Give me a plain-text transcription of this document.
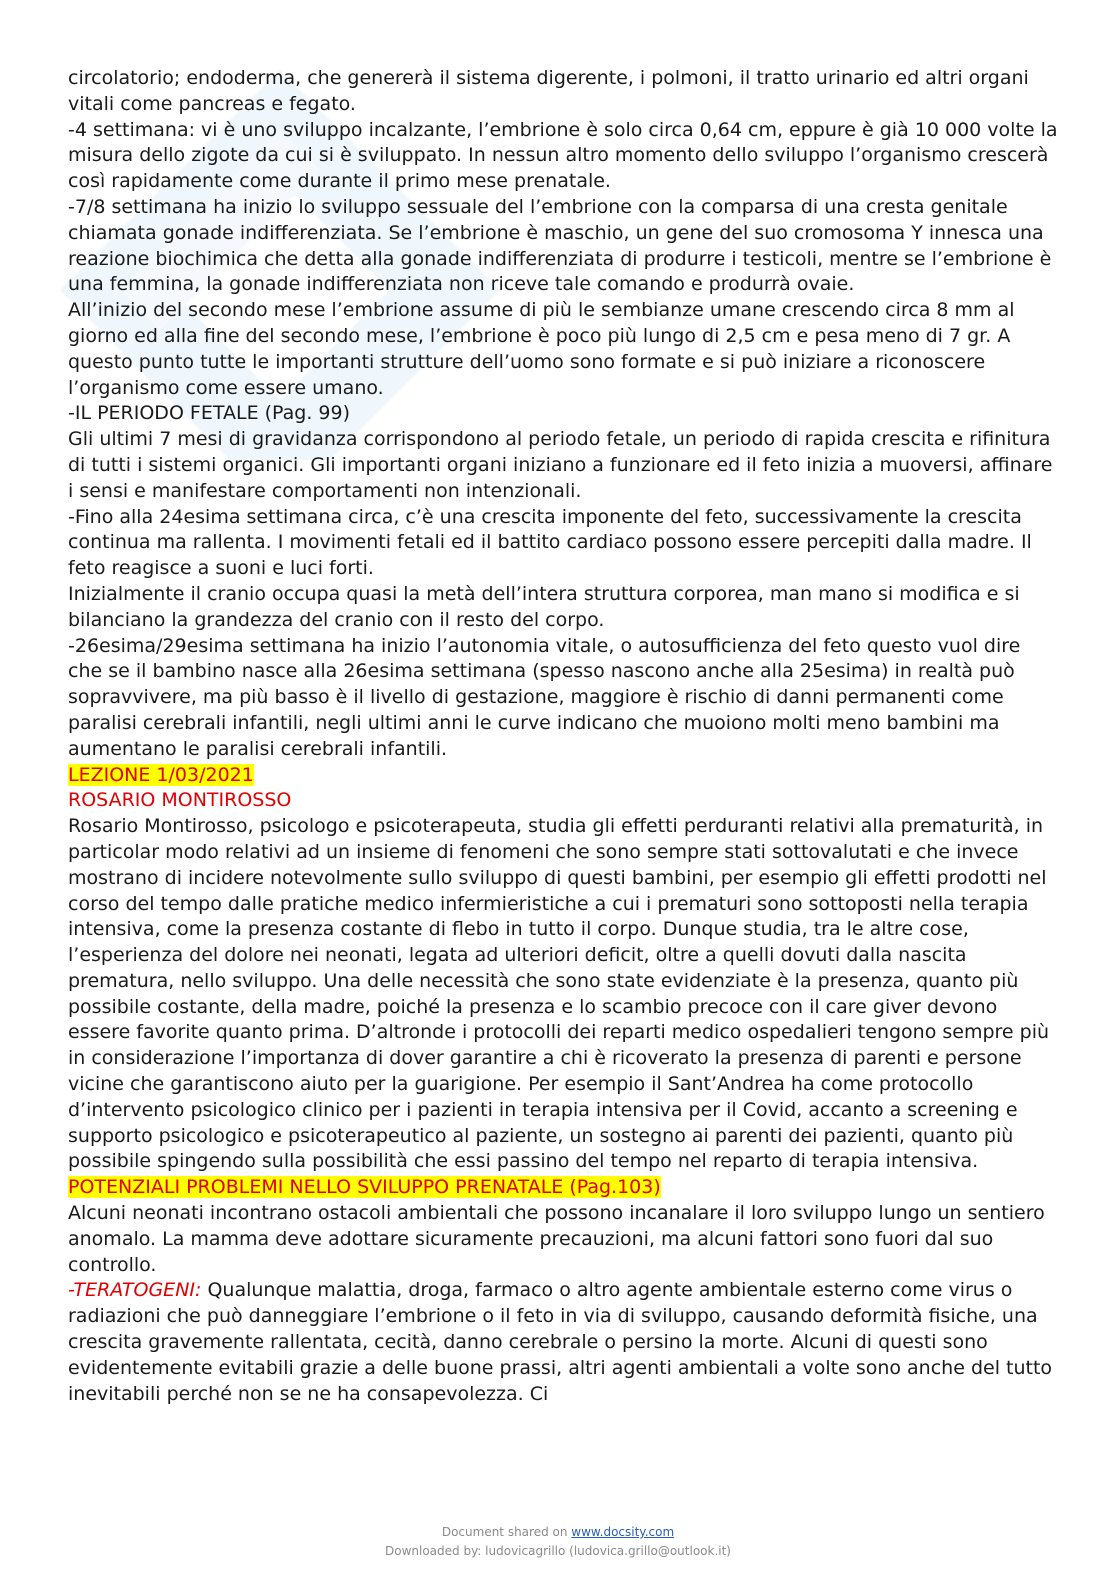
circolatorio; endoderma, che genererà il sistema digerente, i polmoni, il tratto urinario ed altri organi vitali come pancreas e fegato.

-4 settimana: vi è uno sviluppo incalzante, l’embrione è solo circa 0,64 cm, eppure è già 10 000 volte la misura dello zigote da cui si è sviluppato. In nessun altro momento dello sviluppo l’organismo crescerà così rapidamente come durante il primo mese prenatale.

-7/8 settimana ha inizio lo sviluppo sessuale del l’embrione con la comparsa di una cresta genitale chiamata gonade indifferenziata. Se l’embrione è maschio, un gene del suo cromosoma Y innesca una reazione biochimica che detta alla gonade indifferenziata di produrre i testicoli, mentre se l’embrione è una femmina, la gonade indifferenziata non riceve tale comando e produrrà ovaie.

All’inizio del secondo mese l’embrione assume di più le sembianze umane crescendo circa 8 mm al giorno ed alla fine del secondo mese, l’embrione è poco più lungo di 2,5 cm e pesa meno di 7 gr. A questo punto tutte le importanti strutture dell’uomo sono formate e si può iniziare a riconoscere l’organismo come essere umano.

-IL PERIODO FETALE (Pag. 99)

Gli ultimi 7 mesi di gravidanza corrispondono al periodo fetale, un periodo di rapida crescita e rifinitura di tutti i sistemi organici. Gli importanti organi iniziano a funzionare ed il feto inizia a muoversi, affinare i sensi e manifestare comportamenti non intenzionali.

-Fino alla 24esima settimana circa, c’è una crescita imponente del feto, successivamente la crescita continua ma rallenta. I movimenti fetali ed il battito cardiaco possono essere percepiti dalla madre. Il feto reagisce a suoni e luci forti.

Inizialmente il cranio occupa quasi la metà dell’intera struttura corporea, man mano si modifica e si bilanciano la grandezza del cranio con il resto del corpo.

-26esima/29esima settimana ha inizio l’autonomia vitale, o autosufficienza del feto questo vuol dire che se il bambino nasce alla 26esima settimana (spesso nascono anche alla 25esima) in realtà può sopravvivere, ma più basso è il livello di gestazione, maggiore è rischio di danni permanenti come paralisi cerebrali infantili, negli ultimi anni le curve indicano che muoiono molti meno bambini ma aumentano le paralisi cerebrali infantili.

LEZIONE 1/03/2021

ROSARIO MONTIROSSO

Rosario Montirosso, psicologo e psicoterapeuta, studia gli effetti perduranti relativi alla prematurità, in particolar modo relativi ad un insieme di fenomeni che sono sempre stati sottovalutati e che invece mostrano di incidere notevolmente sullo sviluppo di questi bambini, per esempio gli effetti prodotti nel corso del tempo dalle pratiche medico infermieristiche a cui i prematuri sono sottoposti nella terapia intensiva, come la presenza costante di flebo in tutto il corpo. Dunque studia, tra le altre cose, l’esperienza del dolore nei neonati, legata ad ulteriori deficit, oltre a quelli dovuti dalla nascita prematura, nello sviluppo. Una delle necessità che sono state evidenziate è la presenza, quanto più possibile costante, della madre, poiché la presenza e lo scambio precoce con il care giver devono essere favorite quanto prima. D’altronde i protocolli dei reparti medico ospedalieri tengono sempre più in considerazione l’importanza di dover garantire a chi è ricoverato la presenza di parenti e persone vicine che garantiscono aiuto per la guarigione. Per esempio il Sant’Andrea ha come protocollo d’intervento psicologico clinico per i pazienti in terapia intensiva per il Covid, accanto a screening e supporto psicologico e psicoterapeutico al paziente, un sostegno ai parenti dei pazienti, quanto più possibile spingendo sulla possibilità che essi passino del tempo nel reparto di terapia intensiva.

POTENZIALI PROBLEMI NELLO SVILUPPO PRENATALE (Pag.103)

Alcuni neonati incontrano ostacoli ambientali che possono incanalare il loro sviluppo lungo un sentiero anomalo. La mamma deve adottare sicuramente precauzioni, ma alcuni fattori sono fuori dal suo controllo.

-TERATOGENI: Qualunque malattia, droga, farmaco o altro agente ambientale esterno come virus o radiazioni che può danneggiare l’embrione o il feto in via di sviluppo, causando deformità fisiche, una crescita gravemente rallentata, cecità, danno cerebrale o persino la morte. Alcuni di questi sono evidentemente evitabili grazie a delle buone prassi, altri agenti ambientali a volte sono anche del tutto inevitabili perché non se ne ha consapevolezza. Ci

Document shared on www.docsity.com
Downloaded by: ludovicagrillo (ludovica.grillo@outlook.it)
